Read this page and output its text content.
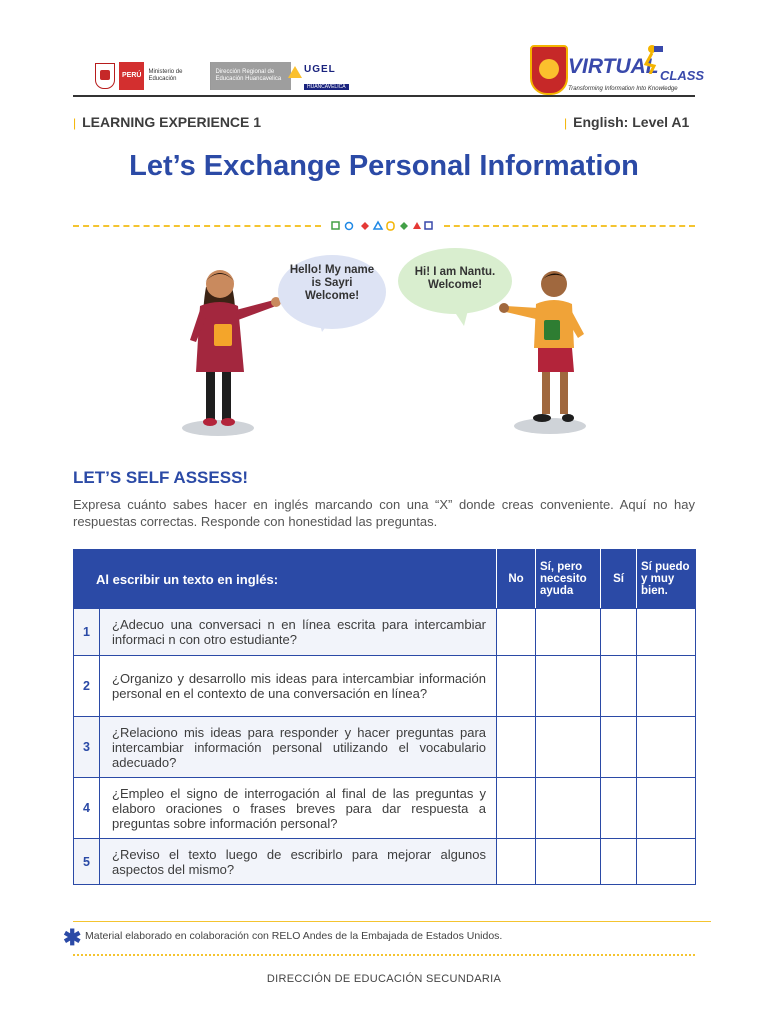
PERÚ	Ministerio de Educación
Dirección Regional de Educación Huancavelica
UGEL
HUANCAVELICA
VIRTUAL CLASS
Transforming Information Into Knowledge
| LEARNING EXPERIENCE 1	| English: Level A1
Let’s Exchange Personal Information
Hello! My name is Sayri Welcome!
Hi! I am Nantu. Welcome!
LET’S SELF ASSESS!
Expresa cuánto sabes hacer en inglés marcando con una “X” donde creas conveniente. Aquí no hay respuestas correctas. Responde con honestidad las preguntas.
Al escribir un texto en inglés:		No	Sí, pero necesito ayuda	Sí	Sí puedo y muy bien.
1	¿Adecuo una conversaci n en línea escrita para intercambiar informaci n con otro estudiante?				
2	¿Organizo y desarrollo mis ideas para intercambiar información personal en el contexto de una conversación en línea?				
3	¿Relaciono mis ideas para responder y hacer preguntas para intercambiar información personal utilizando el vocabulario adecuado?				
4	¿Empleo el signo de interrogación al final de las preguntas y elaboro oraciones o frases breves para dar respuesta a preguntas sobre información personal?				
5	¿Reviso el texto luego de escribirlo para mejorar algunos aspectos del mismo?				
✱ Material elaborado en colaboración con RELO Andes de la Embajada de Estados Unidos.
DIRECCIÓN DE EDUCACIÓN SECUNDARIA
